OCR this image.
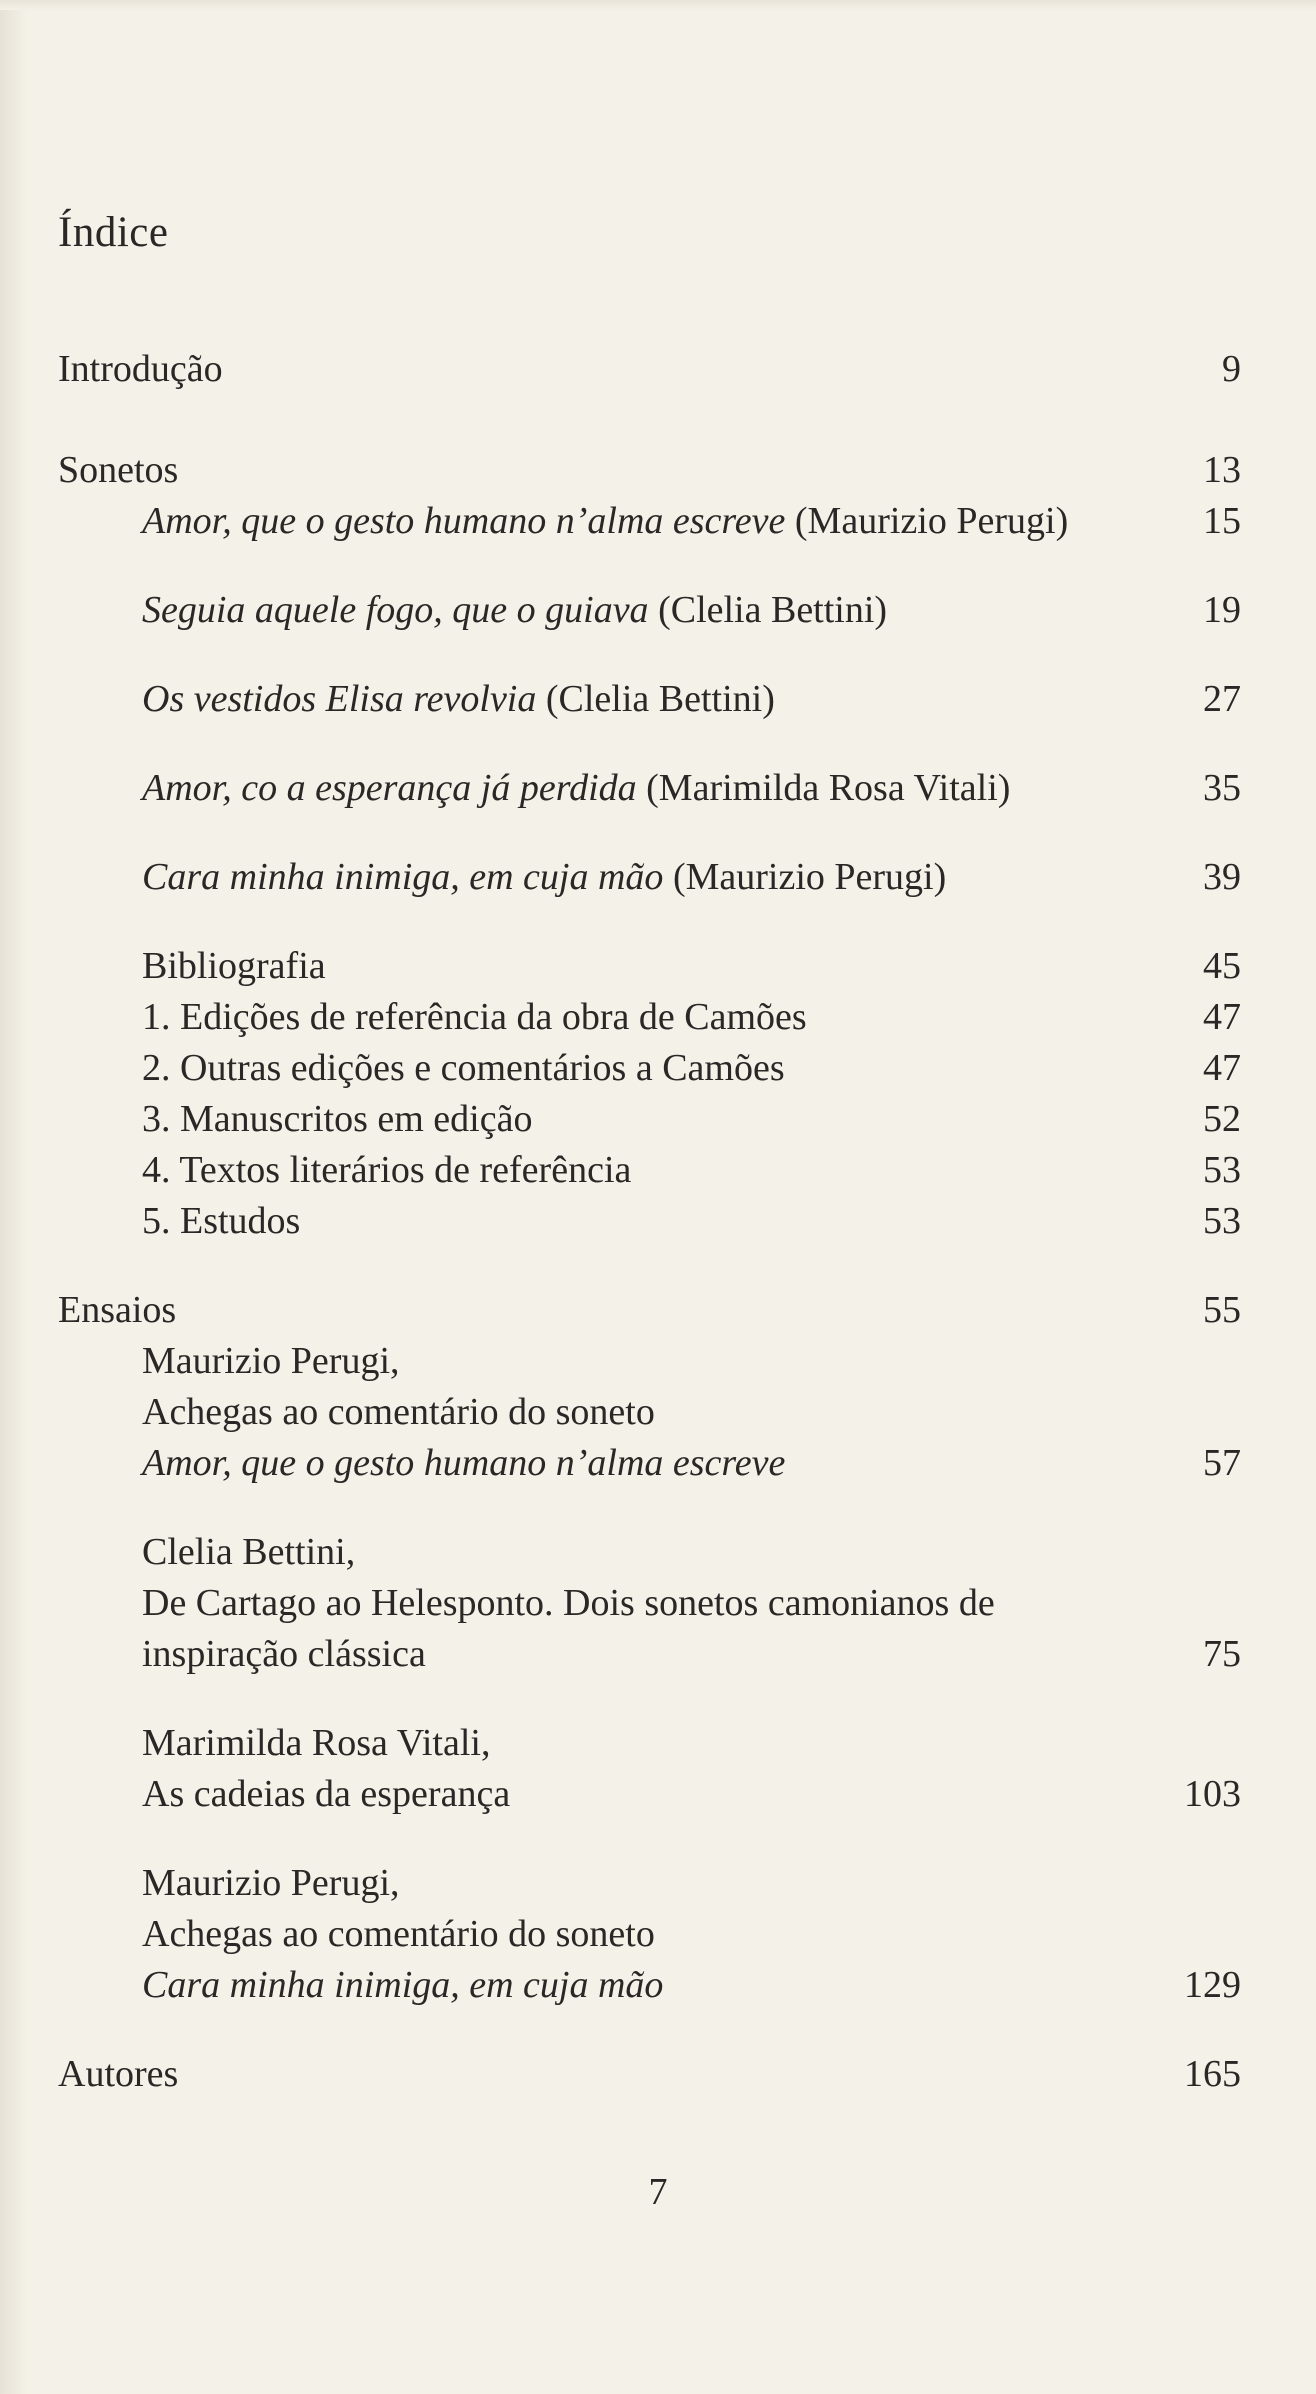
Índice
Introdução	9
Sonetos	13
Amor, que o gesto humano n’alma escreve (Maurizio Perugi)	15
Seguia aquele fogo, que o guiava (Clelia Bettini)	19
Os vestidos Elisa revolvia (Clelia Bettini)	27
Amor, co a esperança já perdida (Marimilda Rosa Vitali)	35
Cara minha inimiga, em cuja mão (Maurizio Perugi)	39
Bibliografia	45
1. Edições de referência da obra de Camões	47
2. Outras edições e comentários a Camões	47
3. Manuscritos em edição	52
4. Textos literários de referência	53
5. Estudos	53
Ensaios	55
Maurizio Perugi,
Achegas ao comentário do soneto
Amor, que o gesto humano n’alma escreve	57
Clelia Bettini,
De Cartago ao Helesponto. Dois sonetos camonianos de
inspiração clássica	75
Marimilda Rosa Vitali,
As cadeias da esperança	103
Maurizio Perugi,
Achegas ao comentário do soneto
Cara minha inimiga, em cuja mão	129
Autores	165
7
